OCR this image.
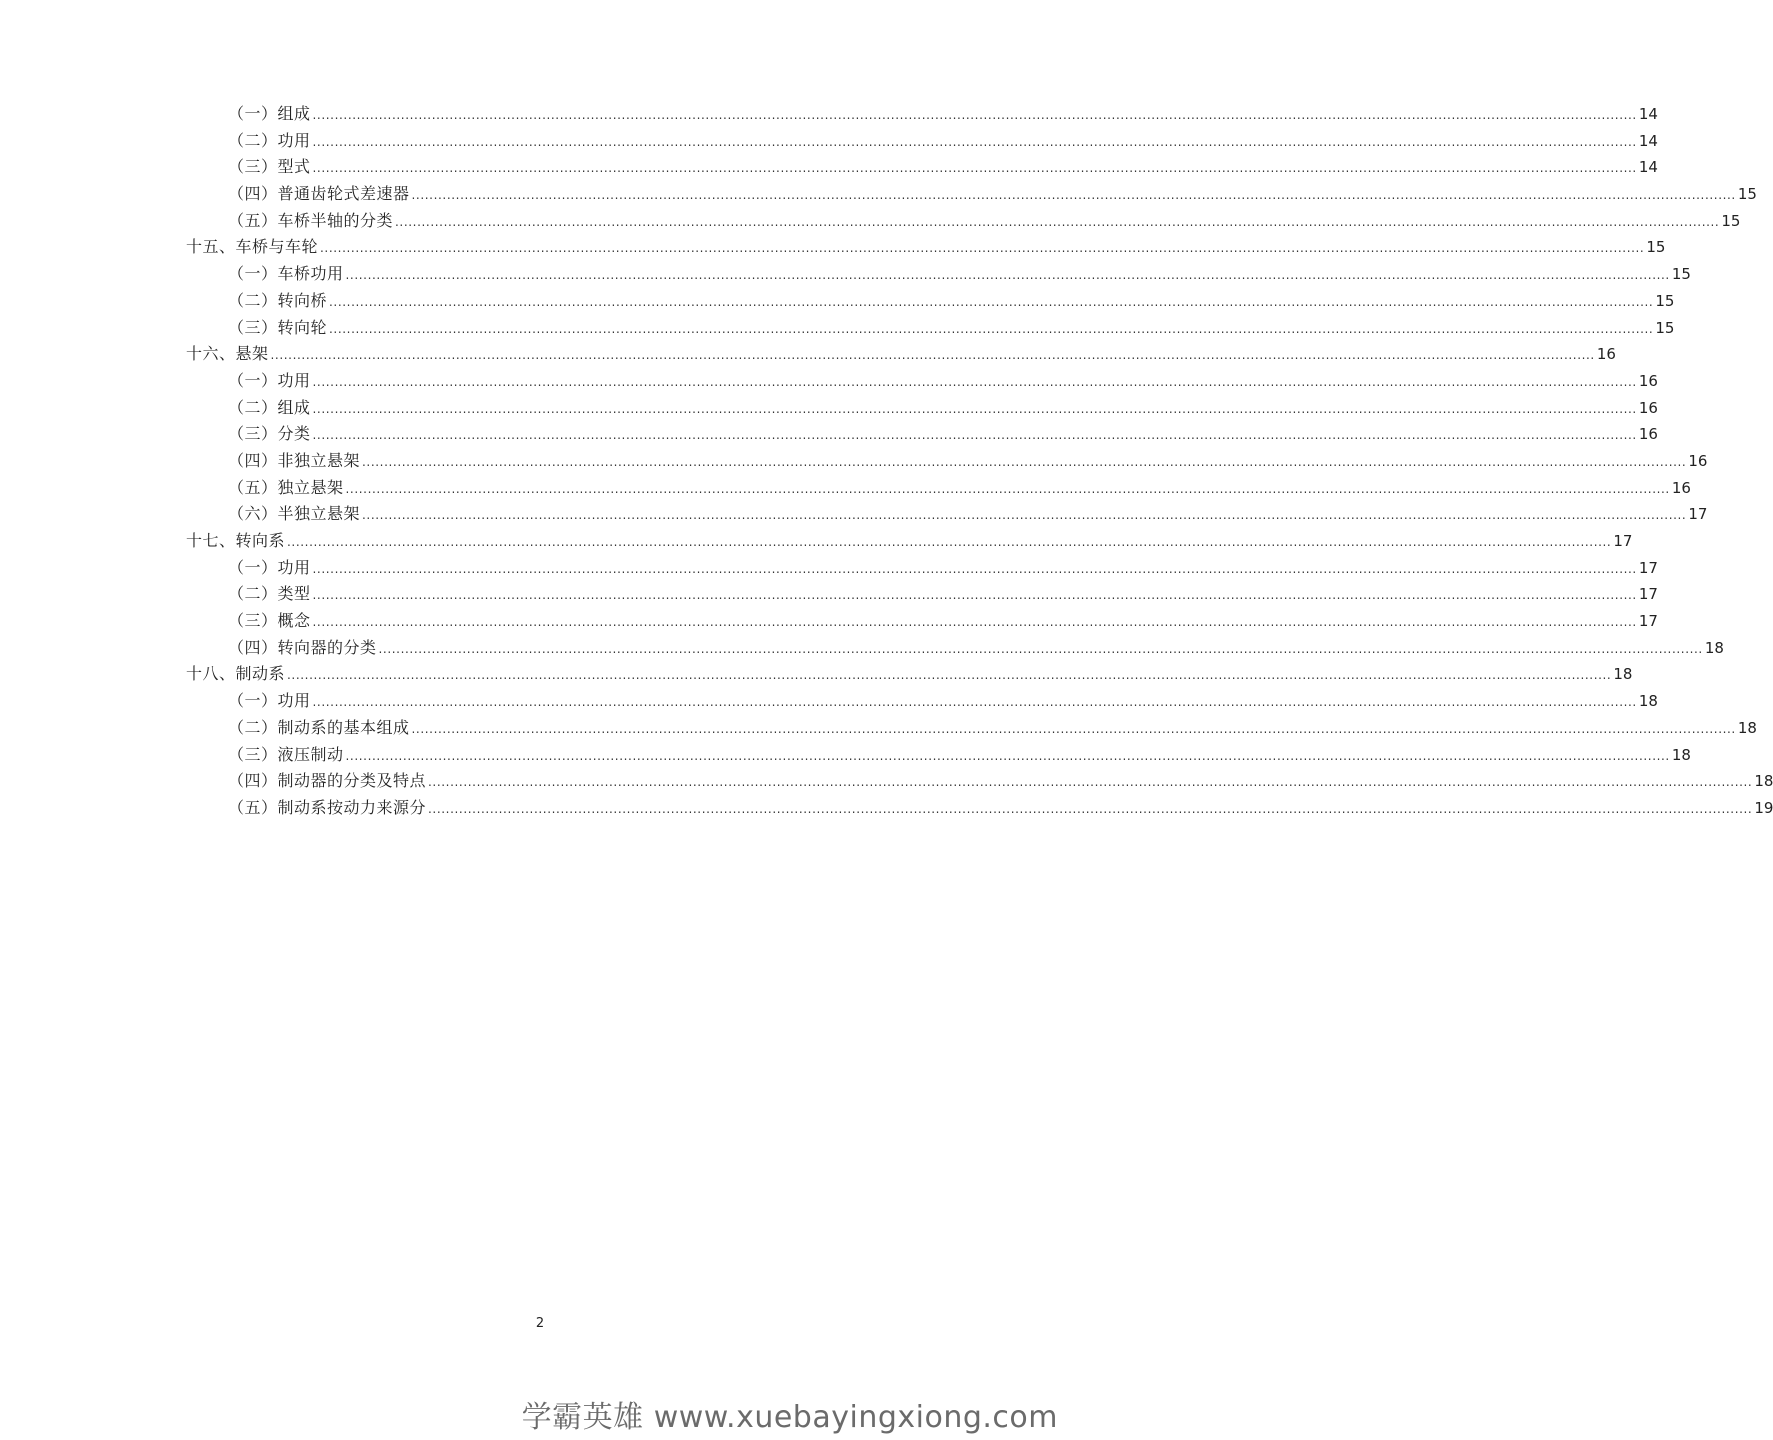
（一）组成 ............................................................................................................................................................................................................................................................................................................ 14
（二）功用 ............................................................................................................................................................................................................................................................................................................ 14
（三）型式 ............................................................................................................................................................................................................................................................................................................ 14
（四）普通齿轮式差速器 ............................................................................................................................................................................................................................................................................................................ 15
（五）车桥半轴的分类 ............................................................................................................................................................................................................................................................................................................ 15
十五、车桥与车轮 ............................................................................................................................................................................................................................................................................................................ 15
（一）车桥功用 ............................................................................................................................................................................................................................................................................................................ 15
（二）转向桥 ............................................................................................................................................................................................................................................................................................................ 15
（三）转向轮 ............................................................................................................................................................................................................................................................................................................ 15
十六、悬架 ............................................................................................................................................................................................................................................................................................................ 16
（一）功用 ............................................................................................................................................................................................................................................................................................................ 16
（二）组成 ............................................................................................................................................................................................................................................................................................................ 16
（三）分类 ............................................................................................................................................................................................................................................................................................................ 16
（四）非独立悬架 ............................................................................................................................................................................................................................................................................................................ 16
（五）独立悬架 ............................................................................................................................................................................................................................................................................................................ 16
（六）半独立悬架 ............................................................................................................................................................................................................................................................................................................ 17
十七、转向系 ............................................................................................................................................................................................................................................................................................................ 17
（一）功用 ............................................................................................................................................................................................................................................................................................................ 17
（二）类型 ............................................................................................................................................................................................................................................................................................................ 17
（三）概念 ............................................................................................................................................................................................................................................................................................................ 17
（四）转向器的分类 ............................................................................................................................................................................................................................................................................................................ 18
十八、制动系 ............................................................................................................................................................................................................................................................................................................ 18
（一）功用 ............................................................................................................................................................................................................................................................................................................ 18
（二）制动系的基本组成 ............................................................................................................................................................................................................................................................................................................ 18
（三）液压制动 ............................................................................................................................................................................................................................................................................................................ 18
（四）制动器的分类及特点 ............................................................................................................................................................................................................................................................................................................ 18
（五）制动系按动力来源分 ............................................................................................................................................................................................................................................................................................................ 19
2
学霸英雄 www.xuebayingxiong.com
